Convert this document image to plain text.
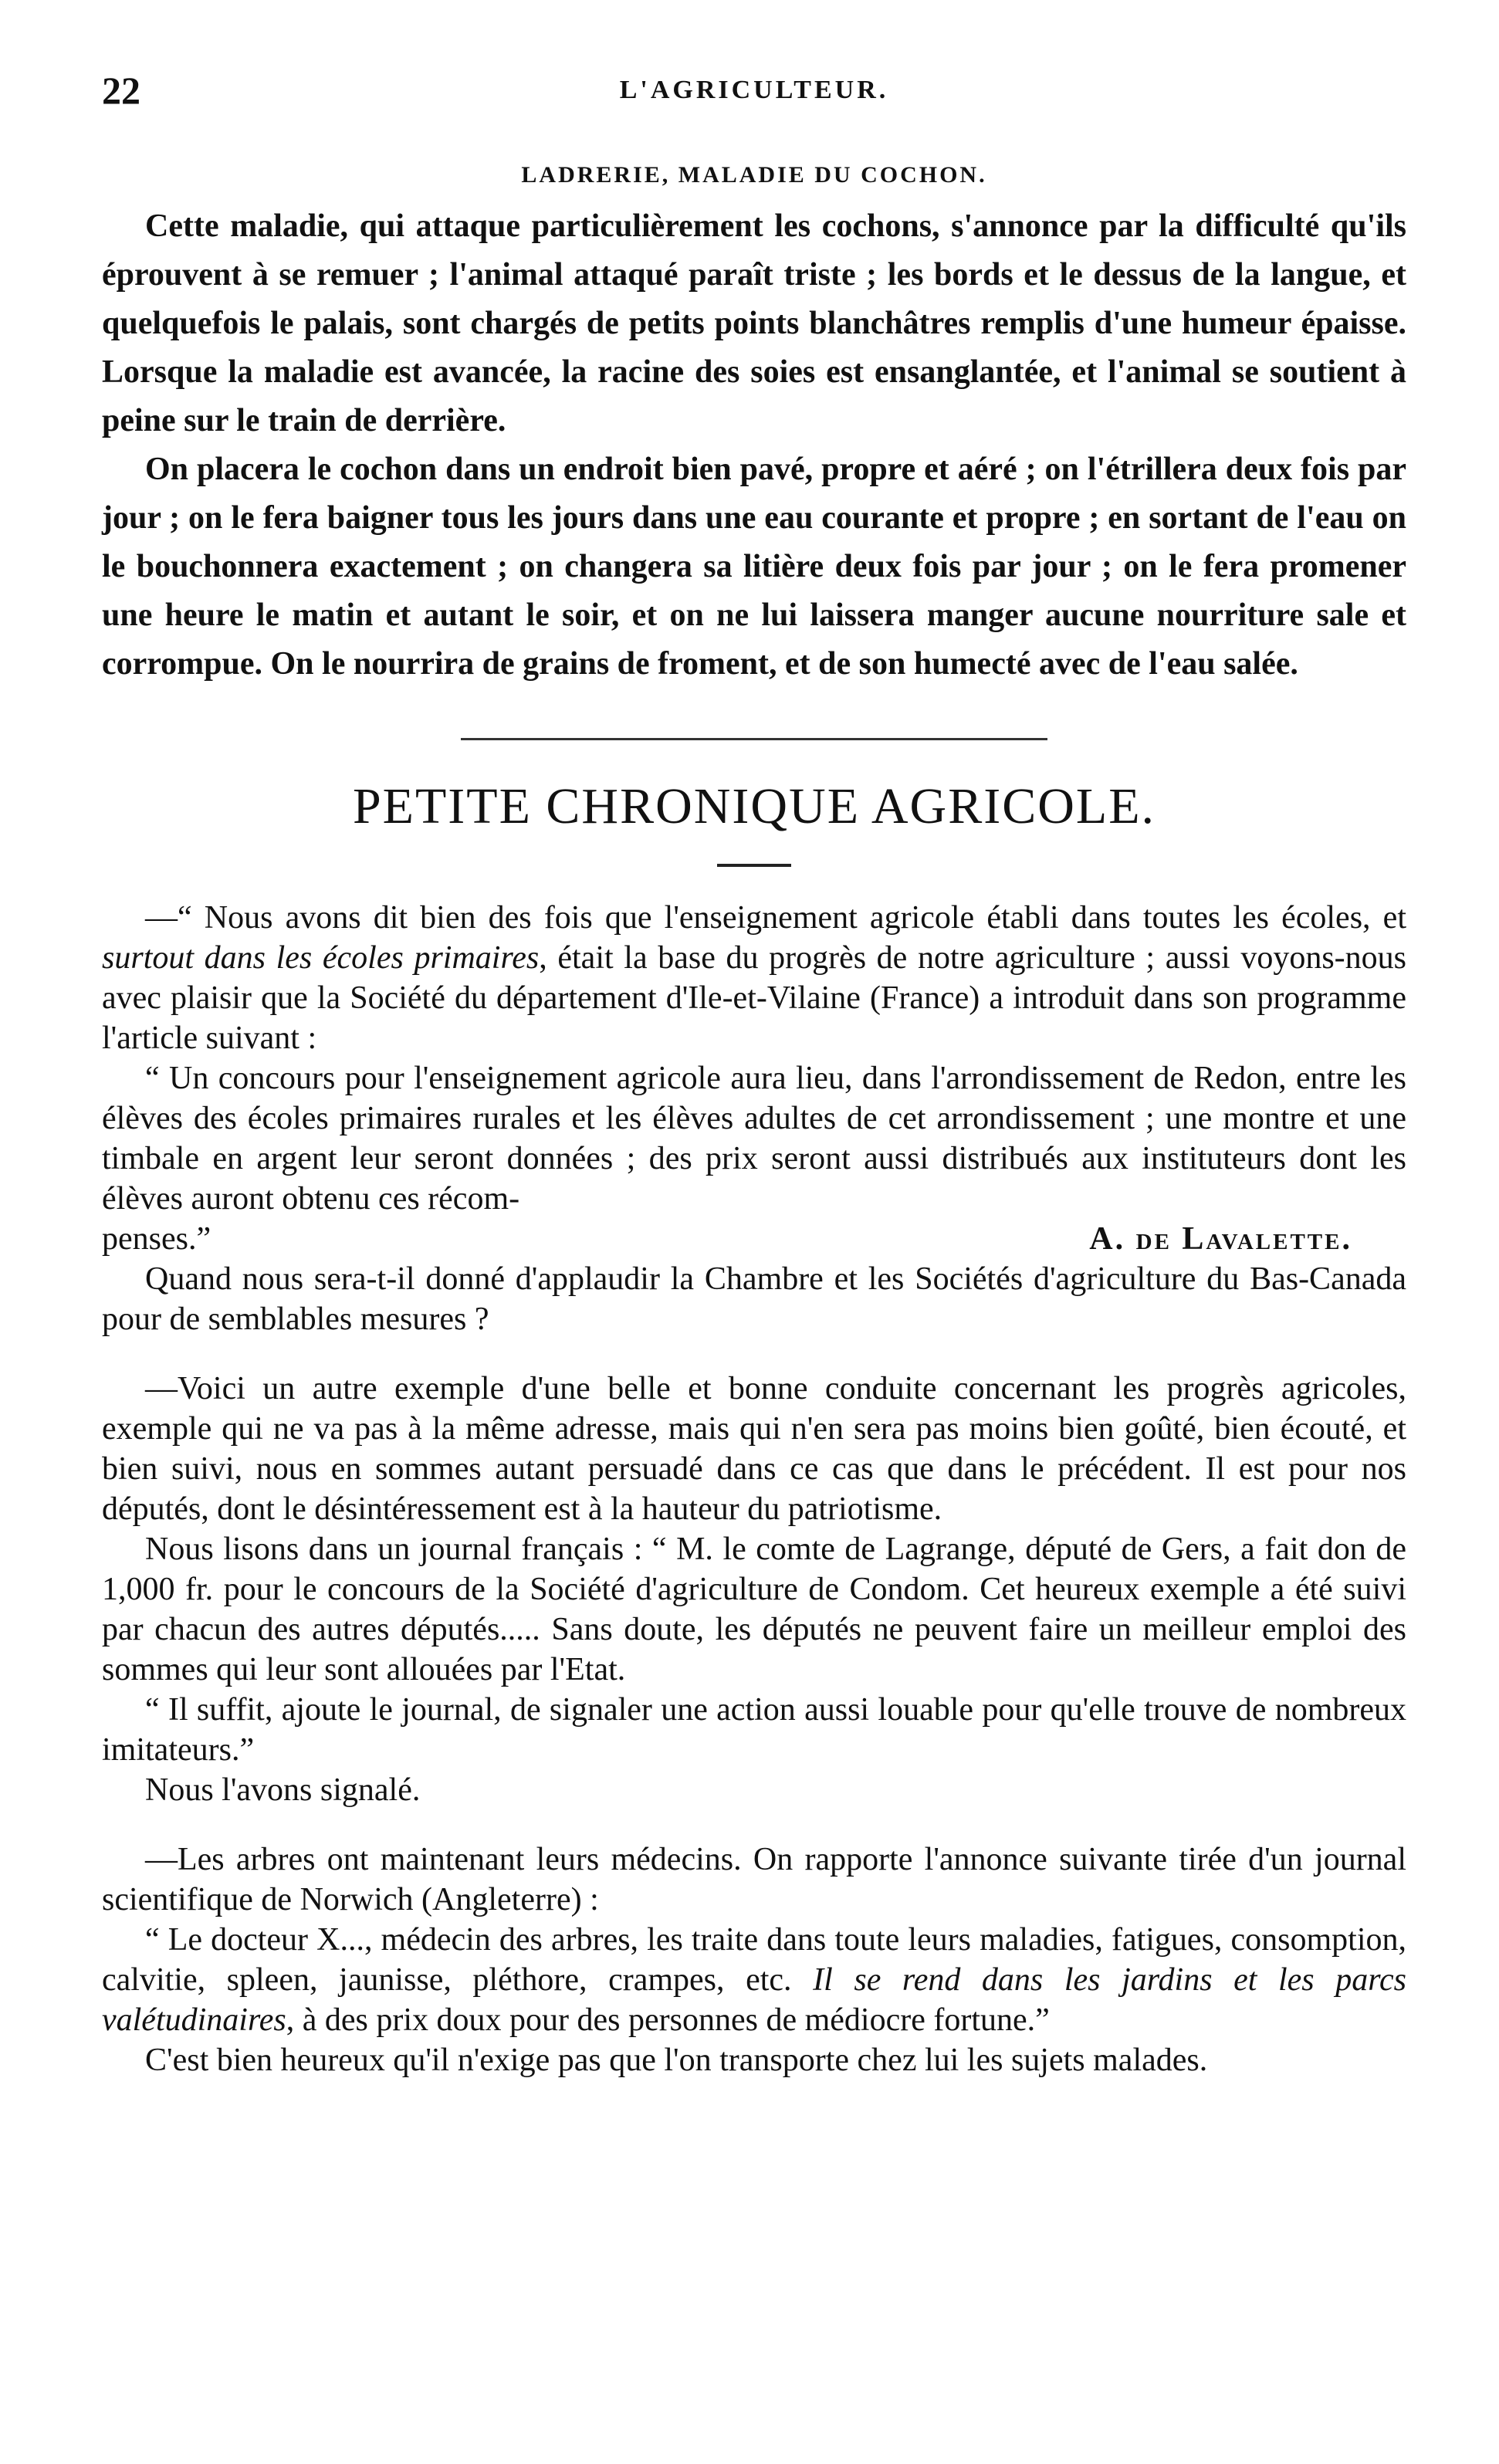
22	L'AGRICULTEUR.
LADRERIE, MALADIE DU COCHON.

Cette maladie, qui attaque particulièrement les cochons, s'annonce par la difficulté qu'ils éprouvent à se remuer ; l'animal attaqué paraît triste ; les bords et le dessus de la langue, et quelquefois le palais, sont chargés de petits points blanchâtres remplis d'une humeur épaisse. Lorsque la maladie est avancée, la racine des soies est ensanglantée, et l'animal se soutient à peine sur le train de derrière.

On placera le cochon dans un endroit bien pavé, propre et aéré ; on l'étrillera deux fois par jour ; on le fera baigner tous les jours dans une eau courante et propre ; en sortant de l'eau on le bouchonnera exactement ; on changera sa litière deux fois par jour ; on le fera promener une heure le matin et autant le soir, et on ne lui laissera manger aucune nourriture sale et corrompue. On le nourrira de grains de froment, et de son humecté avec de l'eau salée.

PETITE CHRONIQUE AGRICOLE.

—“ Nous avons dit bien des fois que l'enseignement agricole établi dans toutes les écoles, et surtout dans les écoles primaires, était la base du progrès de notre agriculture ; aussi voyons-nous avec plaisir que la Société du département d'Ile-et-Vilaine (France) a introduit dans son programme l'article suivant :

“ Un concours pour l'enseignement agricole aura lieu, dans l'arrondissement de Redon, entre les élèves des écoles primaires rurales et les élèves adultes de cet arrondissement ; une montre et une timbale en argent leur seront données ; des prix seront aussi distribués aux instituteurs dont les élèves auront obtenu ces récom-

penses.”	A. de Lavalette.

Quand nous sera-t-il donné d'applaudir la Chambre et les Sociétés d'agriculture du Bas-Canada pour de semblables mesures ?

—Voici un autre exemple d'une belle et bonne conduite concernant les progrès agricoles, exemple qui ne va pas à la même adresse, mais qui n'en sera pas moins bien goûté, bien écouté, et bien suivi, nous en sommes autant persuadé dans ce cas que dans le précédent. Il est pour nos députés, dont le désintéressement est à la hauteur du patriotisme.

Nous lisons dans un journal français : “ M. le comte de Lagrange, député de Gers, a fait don de 1,000 fr. pour le concours de la Société d'agriculture de Condom. Cet heureux exemple a été suivi par chacun des autres députés..... Sans doute, les députés ne peuvent faire un meilleur emploi des sommes qui leur sont allouées par l'Etat.

“ Il suffit, ajoute le journal, de signaler une action aussi louable pour qu'elle trouve de nombreux imitateurs.”

Nous l'avons signalé.

—Les arbres ont maintenant leurs médecins. On rapporte l'annonce suivante tirée d'un journal scientifique de Norwich (Angleterre) :

“ Le docteur X..., médecin des arbres, les traite dans toute leurs maladies, fatigues, consomption, calvitie, spleen, jaunisse, pléthore, crampes, etc. Il se rend dans les jardins et les parcs valétudinaires, à des prix doux pour des personnes de médiocre fortune.”

C'est bien heureux qu'il n'exige pas que l'on transporte chez lui les sujets malades.
